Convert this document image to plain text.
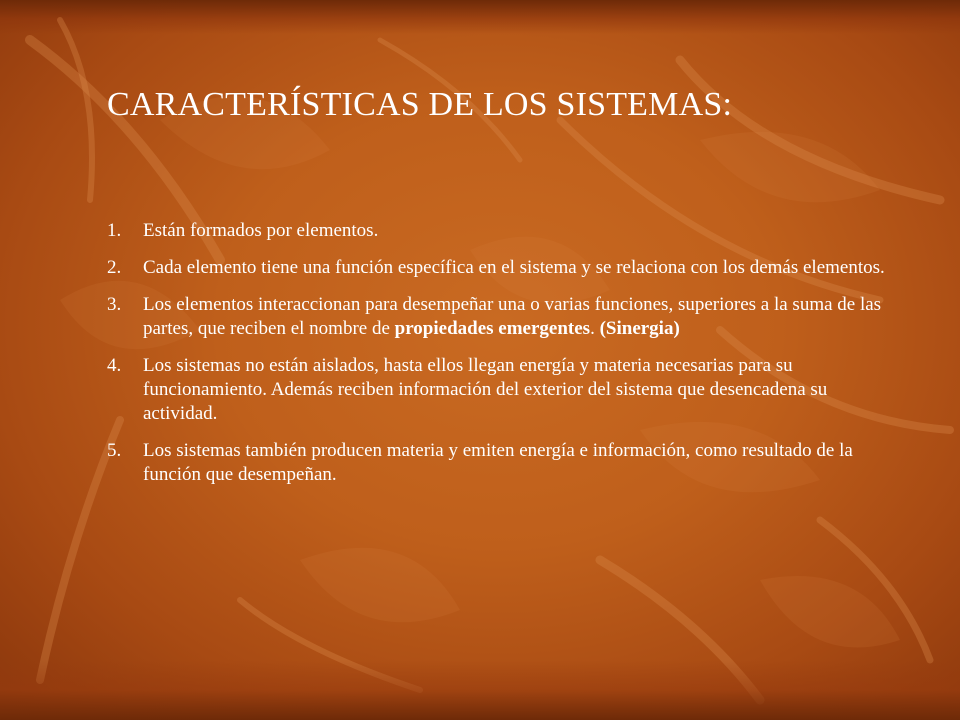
CARACTERÍSTICAS DE LOS SISTEMAS:
1. Están formados por elementos.
2. Cada elemento tiene una función específica en el sistema y se relaciona con los demás elementos.
3. Los elementos interaccionan para desempeñar una o varias funciones, superiores a la suma de las partes, que reciben el nombre de propiedades emergentes. (Sinergia)
4. Los sistemas no están aislados, hasta ellos llegan energía y materia necesarias para su funcionamiento. Además reciben información del exterior del sistema que desencadena su actividad.
5. Los sistemas también producen materia y emiten energía e información, como resultado de la función que desempeñan.
